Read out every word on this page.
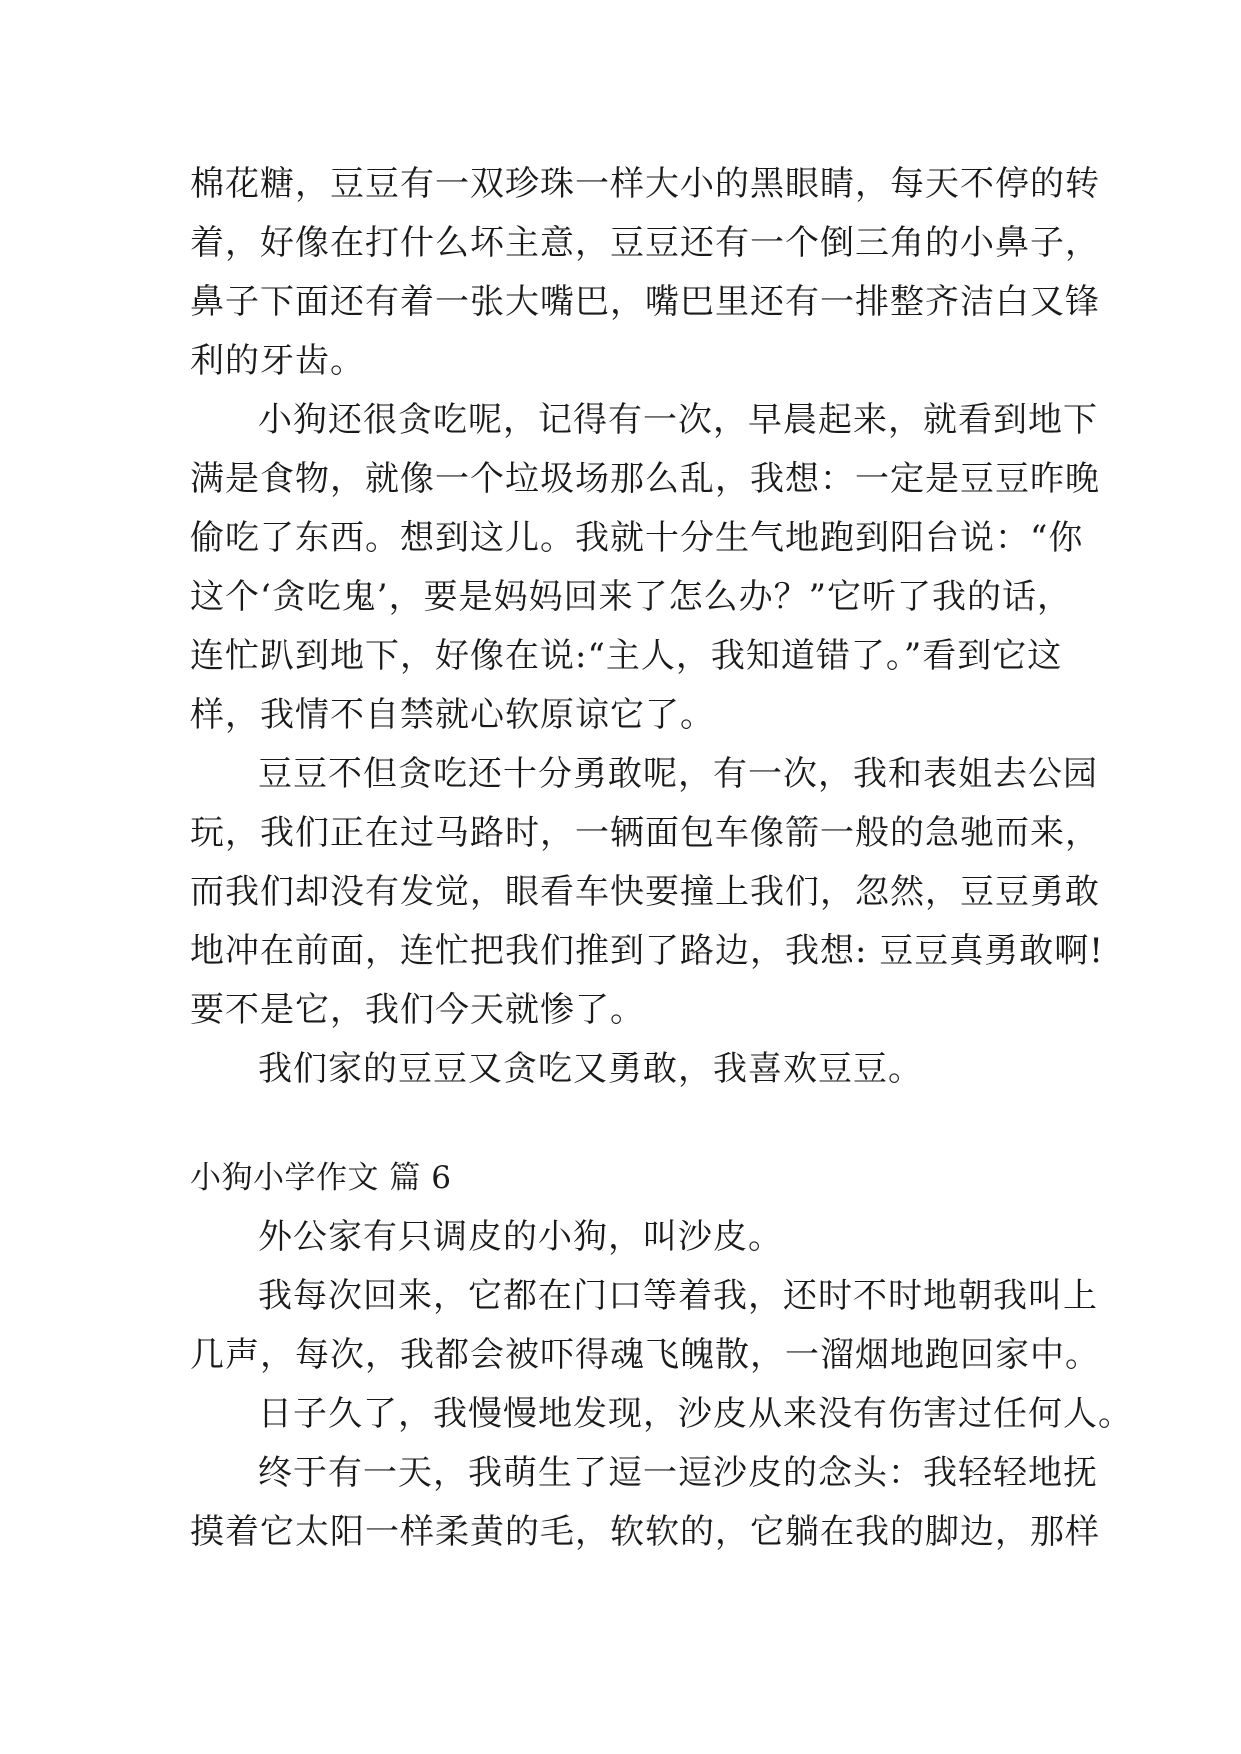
棉花糖，豆豆有一双珍珠一样大小的黑眼睛，每天不停的转
着，好像在打什么坏主意，豆豆还有一个倒三角的小鼻子，
鼻子下面还有着一张大嘴巴，嘴巴里还有一排整齐洁白又锋
利的牙齿。
小狗还很贪吃呢，记得有一次，早晨起来，就看到地下
满是食物，就像一个垃圾场那么乱，我想：一定是豆豆昨晚
偷吃了东西。想到这儿。我就十分生气地跑到阳台说：“你
这个‘贪吃鬼’，要是妈妈回来了怎么办？”它听了我的话，
连忙趴到地下，好像在说:“主人，我知道错了。”看到它这
样，我情不自禁就心软原谅它了。
豆豆不但贪吃还十分勇敢呢，有一次，我和表姐去公园
玩，我们正在过马路时，一辆面包车像箭一般的急驰而来，
而我们却没有发觉，眼看车快要撞上我们，忽然，豆豆勇敢
地冲在前面，连忙把我们推到了路边，我想: 豆豆真勇敢啊!
要不是它，我们今天就惨了。
我们家的豆豆又贪吃又勇敢，我喜欢豆豆。
小狗小学作文 篇 6
外公家有只调皮的小狗，叫沙皮。
我每次回来，它都在门口等着我，还时不时地朝我叫上
几声，每次，我都会被吓得魂飞魄散，一溜烟地跑回家中。
日子久了，我慢慢地发现，沙皮从来没有伤害过任何人。
终于有一天，我萌生了逗一逗沙皮的念头：我轻轻地抚
摸着它太阳一样柔黄的毛，软软的，它躺在我的脚边，那样
